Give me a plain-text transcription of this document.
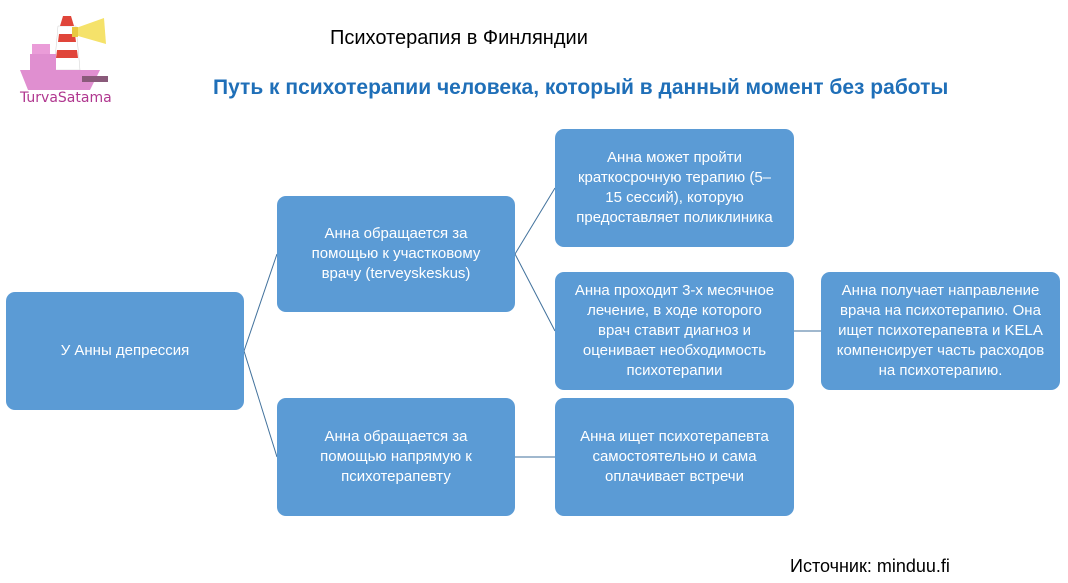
TurvaSatama
Психотерапия в Финляндии
Путь к психотерапии человека, который в данный момент без работы
У Анны депрессия
Анна обращается за
помощью к участковому
врачу (terveyskeskus)
Анна обращается за
помощью напрямую к
психотерапевту
Анна может пройти
краткосрочную терапию (5–
15 сессий), которую
предоставляет поликлиника
Анна проходит 3-х месячное
лечение, в ходе которого
врач ставит диагноз и
оценивает необходимость
психотерапии
Анна ищет психотерапевта
самостоятельно и сама
оплачивает встречи
Анна получает направление
врача на психотерапию. Она
ищет психотерапевта и KELA
компенсирует часть расходов
на психотерапию.
Источник: minduu.fi
